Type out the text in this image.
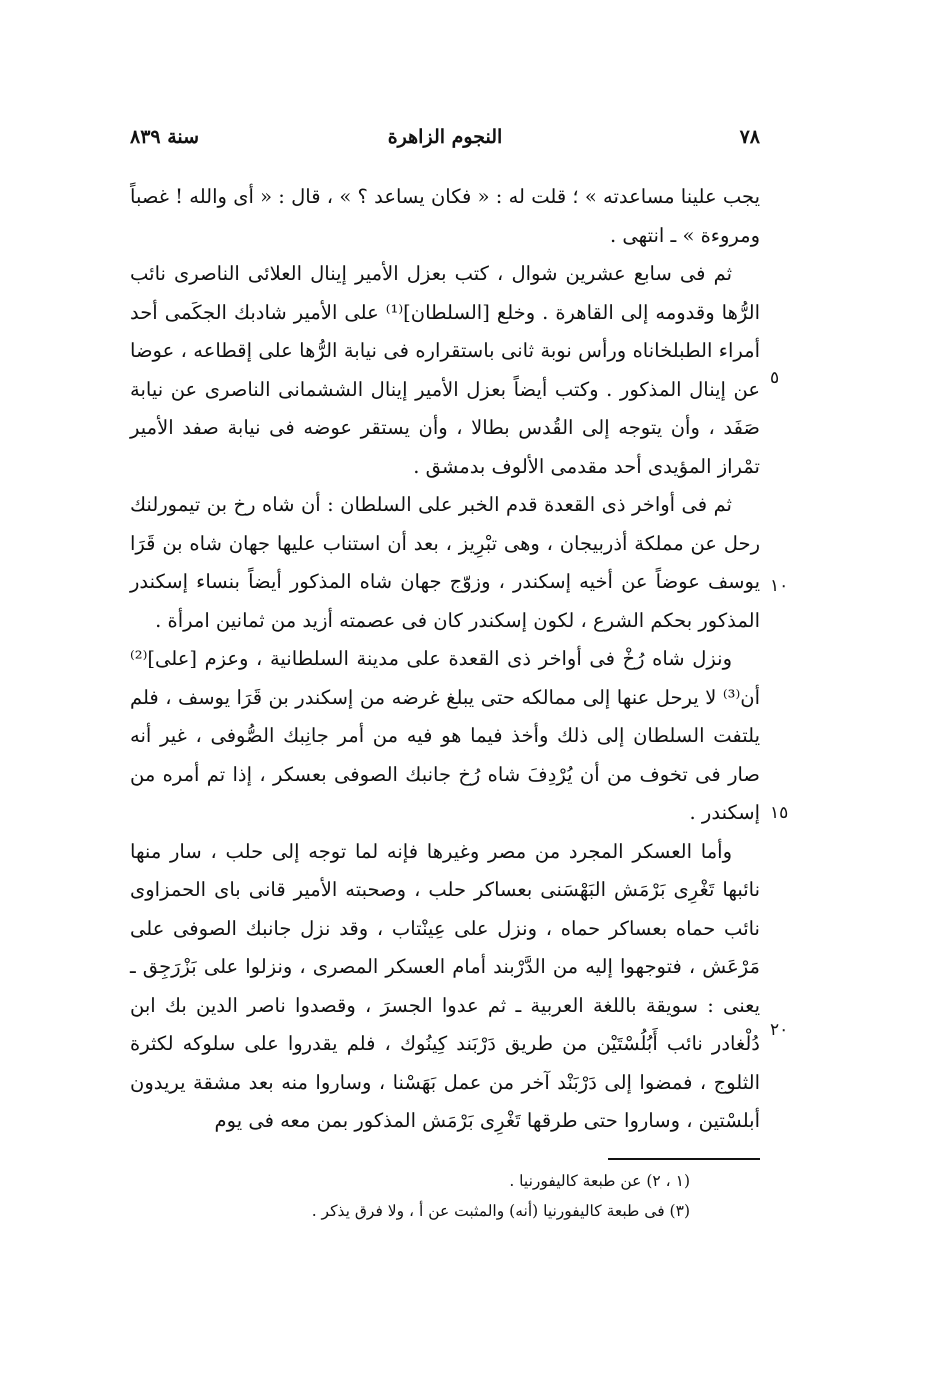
٧٨
النجوم الزاهرة
سنة ٨٣٩

يجب علينا مساعدته » ؛ قلت له : « فكان يساعد ؟ » ، قال : « أى والله ! غصباً ومروءة » ـ انتهى .

ثم فى سابع عشرين شوال ، كتب بعزل الأمير إينال العلائى الناصرى نائب الرُّها وقدومه إلى القاهرة . وخلع [السلطان]⁽¹⁾ على الأمير شادبك الجكَمى أحد أمراء الطبلخاناه ورأس نوبة ثانى باستقراره فى نيابة الرُّها على إقطاعه ، عوضا عن إينال المذكور . وكتب أيضاً بعزل الأمير إينال الششمانى الناصرى عن نيابة صَفَد ، وأن يتوجه إلى القُدس بطالا ، وأن يستقر عوضه فى نيابة صفد الأمير تمْراز المؤيدى أحد مقدمى الألوف بدمشق .

ثم فى أواخر ذى القعدة قدم الخبر على السلطان : أن شاه رخ بن تيمورلنك رحل عن مملكة أذربيجان ، وهى تبْرِيز ، بعد أن استناب عليها جهان شاه بن قَرَا يوسف عوضاً عن أخيه إسكندر ، وزوّج جهان شاه المذكور أيضاً بنساء إسكندر المذكور بحكم الشرع ، لكون إسكندر كان فى عصمته أزيد من ثمانين امرأة .

ونزل شاه رُخْ فى أواخر ذى القعدة على مدينة السلطانية ، وعزم [على]⁽²⁾ أن⁽³⁾ لا يرحل عنها إلى ممالكه حتى يبلغ غرضه من إسكندر بن قَرَا يوسف ، فلم يلتفت السلطان إلى ذلك وأخذ فيما هو فيه من أمر جانِبك الصُّوفى ، غير أنه صار فى تخوف من أن يُرْدِفَ شاه رُخ جانبك الصوفى بعسكر ، إذا تم أمره من إسكندر .

وأما العسكر المجرد من مصر وغيرها فإنه لما توجه إلى حلب ، سار منها نائبها تَغْرِى بَرْمَش البَهْسَنى بعساكر حلب ، وصحبته الأمير قانى باى الحمزاوى نائب حماه بعساكر حماه ، ونزل على عِينْتاب ، وقد نزل جانبك الصوفى على مَرْعَش ، فتوجهوا إليه من الدَّرْبند أمام العسكر المصرى ، ونزلوا على بَزْرَجِق ـ يعنى : سويقة باللغة العربية ـ ثم عدوا الجسرَ ، وقصدوا ناصر الدين بك ابن دُلْغادر نائب أَبُلُسْتَيْن من طريق دَرْبَند كِينُوك ، فلم يقدروا على سلوكه لكثرة الثلوج ، فمضوا إلى دَرْبَنْد آخر من عمل بَهَسْنا ، وساروا منه بعد مشقة يريدون أبلسْتين ، وساروا حتى طرقها تَغْرِى بَرْمَش المذكور بمن معه فى يوم

٥
١٠
١٥
٢٠

(١ ، ٢) عن طبعة كاليفورنيا .

(٣) فى طبعة كاليفورنيا (أنه) والمثبت عن أ ، ولا فرق يذكر .
